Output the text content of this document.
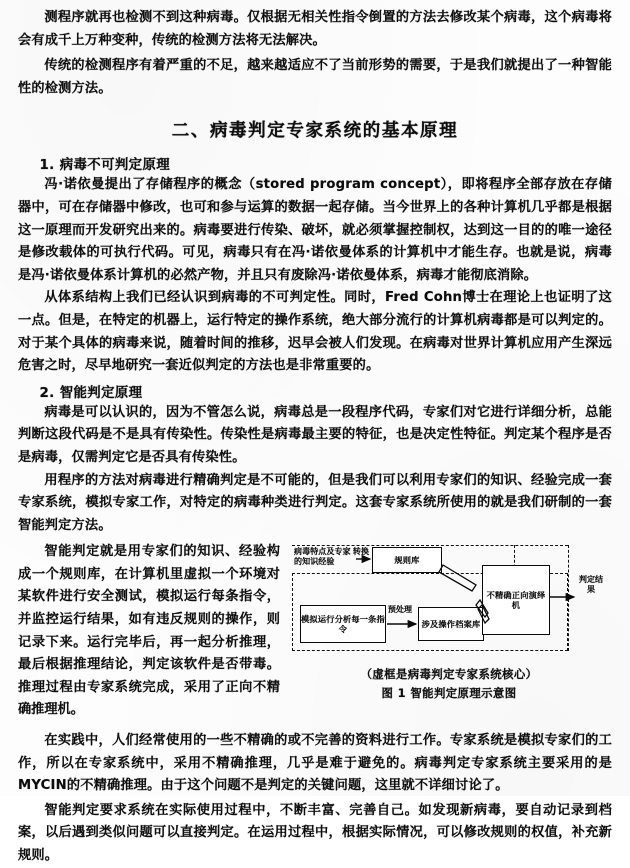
测程序就再也检测不到这种病毒。仅根据无相关性指令倒置的方法去修改某个病毒，这个病毒将会有成千上万种变种，传统的检测方法将无法解决。

传统的检测程序有着严重的不足，越来越适应不了当前形势的需要，于是我们就提出了一种智能性的检测方法。

二、病毒判定专家系统的基本原理
1. 病毒不可判定原理

冯·诺依曼提出了存储程序的概念（stored program concept），即将程序全部存放在存储器中，可在存储器中修改，也可和参与运算的数据一起存储。当今世界上的各种计算机几乎都是根据这一原理而开发研究出来的。病毒要进行传染、破坏，就必须掌握控制权，达到这一目的的唯一途径是修改载体的可执行代码。可见，病毒只有在冯·诺依曼体系的计算机中才能生存。也就是说，病毒是冯·诺依曼体系计算机的必然产物，并且只有废除冯·诺依曼体系，病毒才能彻底消除。

从体系结构上我们已经认识到病毒的不可判定性。同时，Fred Cohn博士在理论上也证明了这一点。但是，在特定的机器上，运行特定的操作系统，绝大部分流行的计算机病毒都是可以判定的。对于某个具体的病毒来说，随着时间的推移，迟早会被人们发现。在病毒对世界计算机应用产生深远危害之时，尽早地研究一套近似判定的方法也是非常重要的。

2. 智能判定原理

病毒是可以认识的，因为不管怎么说，病毒总是一段程序代码，专家们对它进行详细分析，总能判断这段代码是不是具有传染性。传染性是病毒最主要的特征，也是决定性特征。判定某个程序是否是病毒，仅需判定它是否具有传染性。

用程序的方法对病毒进行精确判定是不可能的，但是我们可以利用专家们的知识、经验完成一套专家系统，模拟专家工作，对特定的病毒种类进行判定。这套专家系统所使用的就是我们研制的一套智能判定方法。

病毒特点及专家的知识经验
转换
预处理
判定结果
规则库
模拟运行分析每一条指令	涉及操作档案库
不精确正向演绎机
（虚框是病毒判定专家系统核心）
图 1 智能判定原理示意图
智能判定就是用专家们的知识、经验构成一个规则库，在计算机里虚拟一个环境对某软件进行安全测试，模拟运行每条指令，并监控运行结果，如有违反规则的操作，则记录下来。运行完毕后，再一起分析推理，最后根据推理结论，判定该软件是否带毒。推理过程由专家系统完成，采用了正向不精确推理机。

在实践中，人们经常使用的一些不精确的或不完善的资料进行工作。专家系统是模拟专家们的工作，所以在专家系统中，采用不精确推理，几乎是难于避免的。病毒判定专家系统主要采用的是MYCIN的不精确推理。由于这个问题不是判定的关键问题，这里就不详细讨论了。

智能判定要求系统在实际使用过程中，不断丰富、完善自己。如发现新病毒，要自动记录到档案，以后遇到类似问题可以直接判定。在运用过程中，根据实际情况，可以修改规则的权值，补充新规则。
